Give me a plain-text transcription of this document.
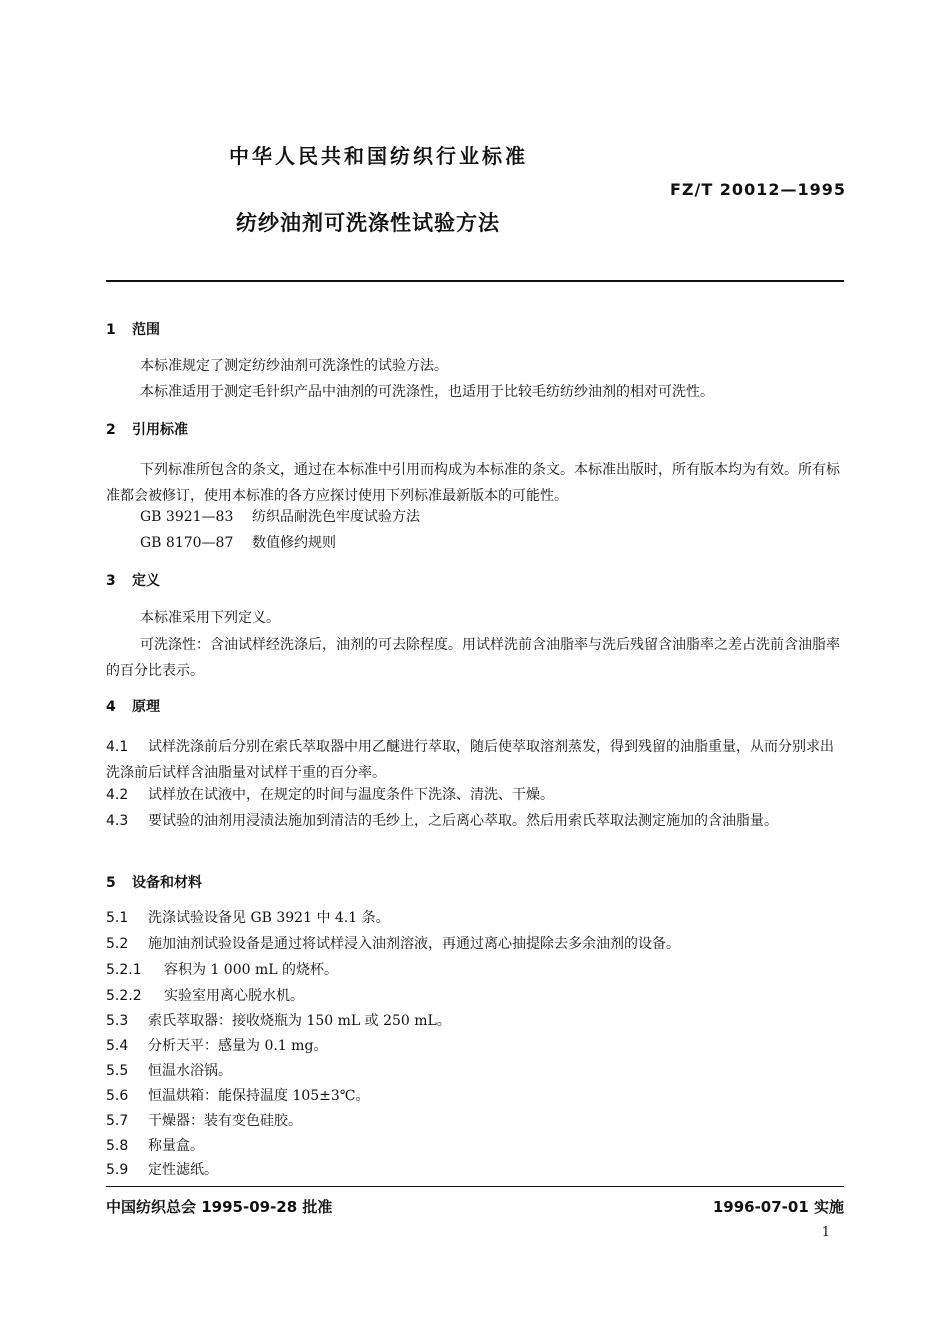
中华人民共和国纺织行业标准
FZ/T 20012—1995
纺纱油剂可洗涤性试验方法
1 范围
本标准规定了测定纺纱油剂可洗涤性的试验方法。
本标准适用于测定毛针织产品中油剂的可洗涤性，也适用于比较毛纺纺纱油剂的相对可洗性。
2 引用标准
下列标准所包含的条文，通过在本标准中引用而构成为本标准的条文。本标准出版时，所有版本均为有效。所有标准都会被修订，使用本标准的各方应探讨使用下列标准最新版本的可能性。
GB 3921—83 纺织品耐洗色牢度试验方法
GB 8170—87 数值修约规则
3 定义
本标准采用下列定义。
可洗涤性：含油试样经洗涤后，油剂的可去除程度。用试样洗前含油脂率与洗后残留含油脂率之差占洗前含油脂率的百分比表示。
4 原理
4.1 试样洗涤前后分别在索氏萃取器中用乙醚进行萃取，随后使萃取溶剂蒸发，得到残留的油脂重量，从而分别求出洗涤前后试样含油脂量对试样干重的百分率。
4.2 试样放在试液中，在规定的时间与温度条件下洗涤、清洗、干燥。
4.3 要试验的油剂用浸渍法施加到清洁的毛纱上，之后离心萃取。然后用索氏萃取法测定施加的含油脂量。
5 设备和材料
5.1 洗涤试验设备见 GB 3921 中 4.1 条。
5.2 施加油剂试验设备是通过将试样浸入油剂溶液，再通过离心抽提除去多余油剂的设备。
5.2.1 容积为 1 000 mL 的烧杯。
5.2.2 实验室用离心脱水机。
5.3 索氏萃取器：接收烧瓶为 150 mL 或 250 mL。
5.4 分析天平：感量为 0.1 mg。
5.5 恒温水浴锅。
5.6 恒温烘箱：能保持温度 105±3℃。
5.7 干燥器：装有变色硅胶。
5.8 称量盒。
5.9 定性滤纸。
中国纺织总会 1995-09-28 批准	1996-07-01 实施
1
